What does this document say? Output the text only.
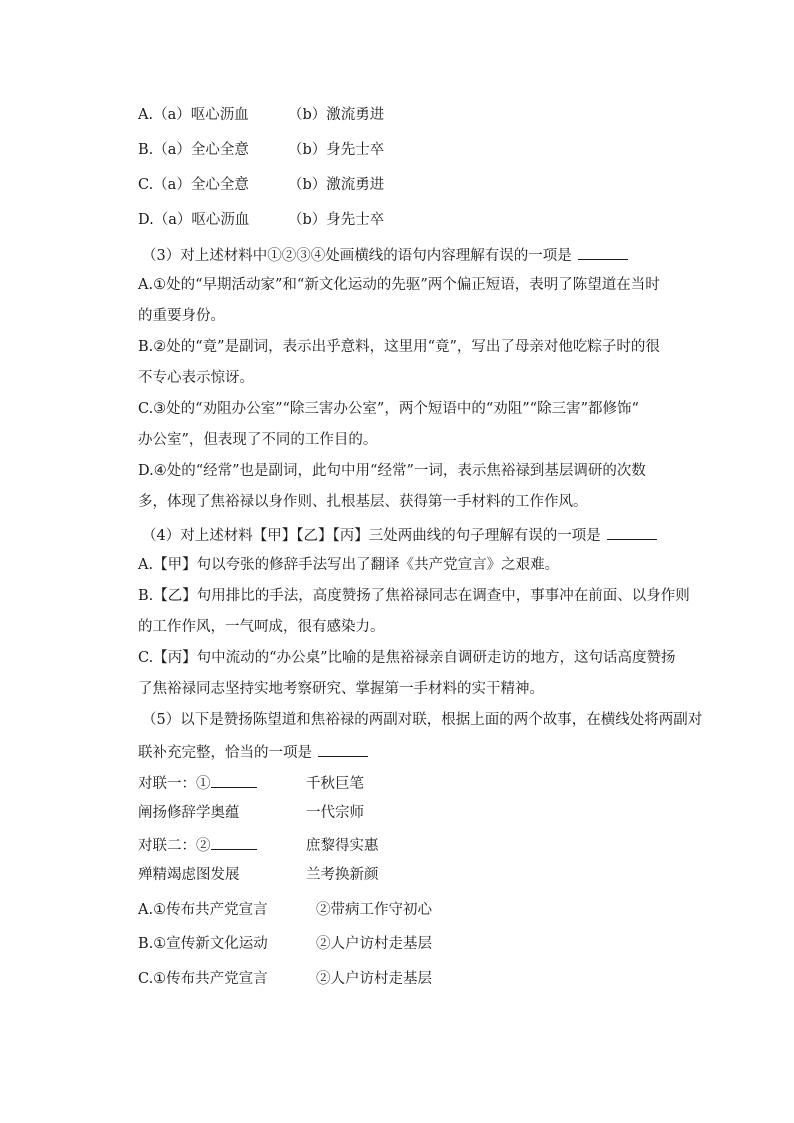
A.（a）呕心沥血	（b）激流勇进
B.（a）全心全意	（b）身先士卒
C.（a）全心全意	（b）激流勇进
D.（a）呕心沥血	（b）身先士卒
（3）对上述材料中①②③④处画横线的语句内容理解有误的一项是
A.①处的“早期活动家”和“新文化运动的先驱”两个偏正短语，表明了陈望道在当时
的重要身份。
B.②处的“竟”是副词，表示出乎意料，这里用“竟”，写出了母亲对他吃粽子时的很
不专心表示惊讶。
C.③处的“劝阻办公室”“除三害办公室”，两个短语中的“劝阻”“除三害”都修饰“
办公室”，但表现了不同的工作目的。
D.④处的“经常”也是副词，此句中用“经常”一词，表示焦裕禄到基层调研的次数
多，体现了焦裕禄以身作则、扎根基层、获得第一手材料的工作作风。
（4）对上述材料【甲】【乙】【丙】三处两曲线的句子理解有误的一项是
A.【甲】句以夸张的修辞手法写出了翻译《共产党宣言》之艰难。
B.【乙】句用排比的手法，高度赞扬了焦裕禄同志在调查中，事事冲在前面、以身作则
的工作作风，一气呵成，很有感染力。
C.【丙】句中流动的“办公桌”比喻的是焦裕禄亲自调研走访的地方，这句话高度赞扬
了焦裕禄同志坚持实地考察研究、掌握第一手材料的实干精神。
（5）以下是赞扬陈望道和焦裕禄的两副对联，根据上面的两个故事，在横线处将两副对
联补充完整，恰当的一项是
对联一：①	千秋巨笔
阐扬修辞学奥蕴	一代宗师
对联二：②	庶黎得实惠
殚精竭虑图发展	兰考换新颜
A.①传布共产党宣言	②带病工作守初心
B.①宣传新文化运动	②人户访村走基层
C.①传布共产党宣言	②人户访村走基层
